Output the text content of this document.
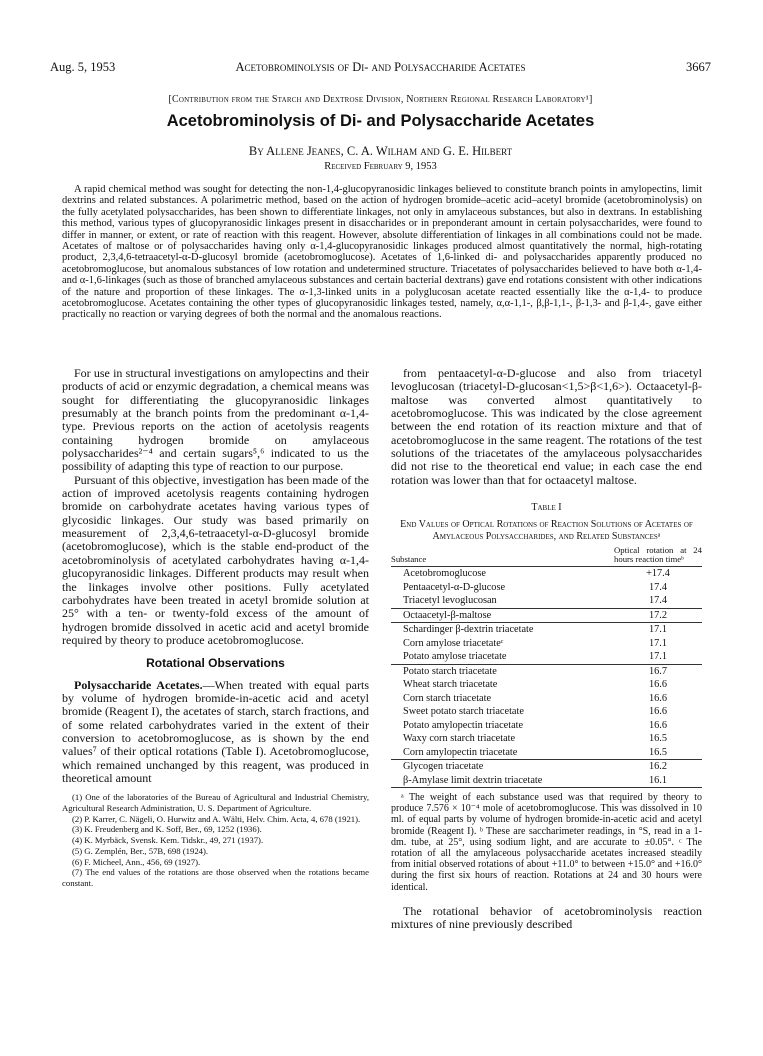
Aug. 5, 1953	Acetobrominolysis of Di- and Polysaccharide Acetates	3667
[Contribution from the Starch and Dextrose Division, Northern Regional Research Laboratory¹]
Acetobrominolysis of Di- and Polysaccharide Acetates
By Allene Jeanes, C. A. Wilham and G. E. Hilbert
Received February 9, 1953
A rapid chemical method was sought for detecting the non-1,4-glucopyranosidic linkages believed to constitute branch points in amylopectins, limit dextrins and related substances. A polarimetric method, based on the action of hydrogen bromide–acetic acid–acetyl bromide (acetobrominolysis) on the fully acetylated polysaccharides, has been shown to differentiate linkages, not only in amylaceous substances, but also in dextrans. In establishing this method, various types of glucopyranosidic linkages present in disaccharides or in preponderant amount in certain polysaccharides, were found to differ in manner, or extent, or rate of reaction with this reagent. However, absolute differentiation of linkages in all combinations could not be made. Acetates of maltose or of polysaccharides having only α-1,4-glucopyranosidic linkages produced almost quantitatively the normal, high-rotating product, 2,3,4,6-tetraacetyl-α-D-glucosyl bromide (acetobromoglucose). Acetates of 1,6-linked di- and polysaccharides apparently produced no acetobromoglucose, but anomalous substances of low rotation and undetermined structure. Triacetates of polysaccharides believed to have both α-1,4- and α-1,6-linkages (such as those of branched amylaceous substances and certain bacterial dextrans) gave end rotations consistent with other indications of the nature and proportion of these linkages. The α-1,3-linked units in a polyglucosan acetate reacted essentially like the α-1,4- to produce acetobromoglucose. Acetates containing the other types of glucopyranosidic linkages tested, namely, α,α-1,1-, β,β-1,1-, β-1,3- and β-1,4-, gave either practically no reaction or varying degrees of both the normal and the anomalous reactions.

For use in structural investigations on amylopectins and their products of acid or enzymic degradation, a chemical means was sought for differentiating the glucopyranosidic linkages presumably at the branch points from the predominant α-1,4-type. Previous reports on the action of acetolysis reagents containing hydrogen bromide on amylaceous polysaccharides²⁻⁴ and certain sugars⁵,⁶ indicated to us the possibility of adapting this type of reaction to our purpose.

Pursuant of this objective, investigation has been made of the action of improved acetolysis reagents containing hydrogen bromide on carbohydrate acetates having various types of glycosidic linkages. Our study was based primarily on measurement of 2,3,4,6-tetraacetyl-α-D-glucosyl bromide (acetobromoglucose), which is the stable end-product of the acetobrominolysis of acetylated carbohydrates having α-1,4-glucopyranosidic linkages. Different products may result when the linkages involve other positions. Fully acetylated carbohydrates have been treated in acetyl bromide solution at 25° with a ten- or twenty-fold excess of the amount of hydrogen bromide dissolved in acetic acid and acetyl bromide required by theory to produce acetobromoglucose.

Rotational Observations

Polysaccharide Acetates.—When treated with equal parts by volume of hydrogen bromide-in-acetic acid and acetyl bromide (Reagent I), the acetates of starch, starch fractions, and of some related carbohydrates varied in the extent of their conversion to acetobromoglucose, as is shown by the end values⁷ of their optical rotations (Table I). Acetobromoglucose, which remained unchanged by this reagent, was produced in theoretical amount

(1) One of the laboratories of the Bureau of Agricultural and Industrial Chemistry, Agricultural Research Administration, U. S. Department of Agriculture.
(2) P. Karrer, C. Nägeli, O. Hurwitz and A. Wälti, Helv. Chim. Acta, 4, 678 (1921).
(3) K. Freudenberg and K. Soff, Ber., 69, 1252 (1936).
(4) K. Myrbäck, Svensk. Kem. Tidskr., 49, 271 (1937).
(5) G. Zemplén, Ber., 57B, 698 (1924).
(6) F. Micheel, Ann., 456, 69 (1927).
(7) The end values of the rotations are those observed when the rotations became constant.

from pentaacetyl-α-D-glucose and also from triacetyl levoglucosan (triacetyl-D-glucosan<1,5>β<1,6>). Octaacetyl-β-maltose was converted almost quantitatively to acetobromoglucose. This was indicated by the close agreement between the end rotation of its reaction mixture and that of acetobromoglucose in the same reagent. The rotations of the test solutions of the triacetates of the amylaceous polysaccharides did not rise to the theoretical end value; in each case the end rotation was lower than that for octaacetyl maltose.

Table I
End Values of Optical Rotations of Reaction Solutions of Acetates of Amylaceous Polysaccharides, and Related Substancesᵃ
Substance	Optical rotation at 24 hours reaction timeᵇ
Acetobromoglucose	+17.4
Pentaacetyl-α-D-glucose	17.4
Triacetyl levoglucosan	17.4
Octaacetyl-β-maltose	17.2
Schardinger β-dextrin triacetate	17.1
Corn amylose triacetateᶜ	17.1
Potato amylose triacetate	17.1
Potato starch triacetate	16.7
Wheat starch triacetate	16.6
Corn starch triacetate	16.6
Sweet potato starch triacetate	16.6
Potato amylopectin triacetate	16.6
Waxy corn starch triacetate	16.5
Corn amylopectin triacetate	16.5
Glycogen triacetate	16.2
β-Amylase limit dextrin triacetate	16.1
ᵃ The weight of each substance used was that required by theory to produce 7.576 × 10⁻⁴ mole of acetobromoglucose. This was dissolved in 10 ml. of equal parts by volume of hydrogen bromide-in-acetic acid and acetyl bromide (Reagent I). ᵇ These are saccharimeter readings, in °S, read in a 1-dm. tube, at 25°, using sodium light, and are accurate to ±0.05°. ᶜ The rotation of all the amylaceous polysaccharide acetates increased steadily from initial observed rotations of about +11.0° to between +15.0° and +16.0° during the first six hours of reaction. Rotations at 24 and 30 hours were identical.
The rotational behavior of acetobrominolysis reaction mixtures of nine previously described
